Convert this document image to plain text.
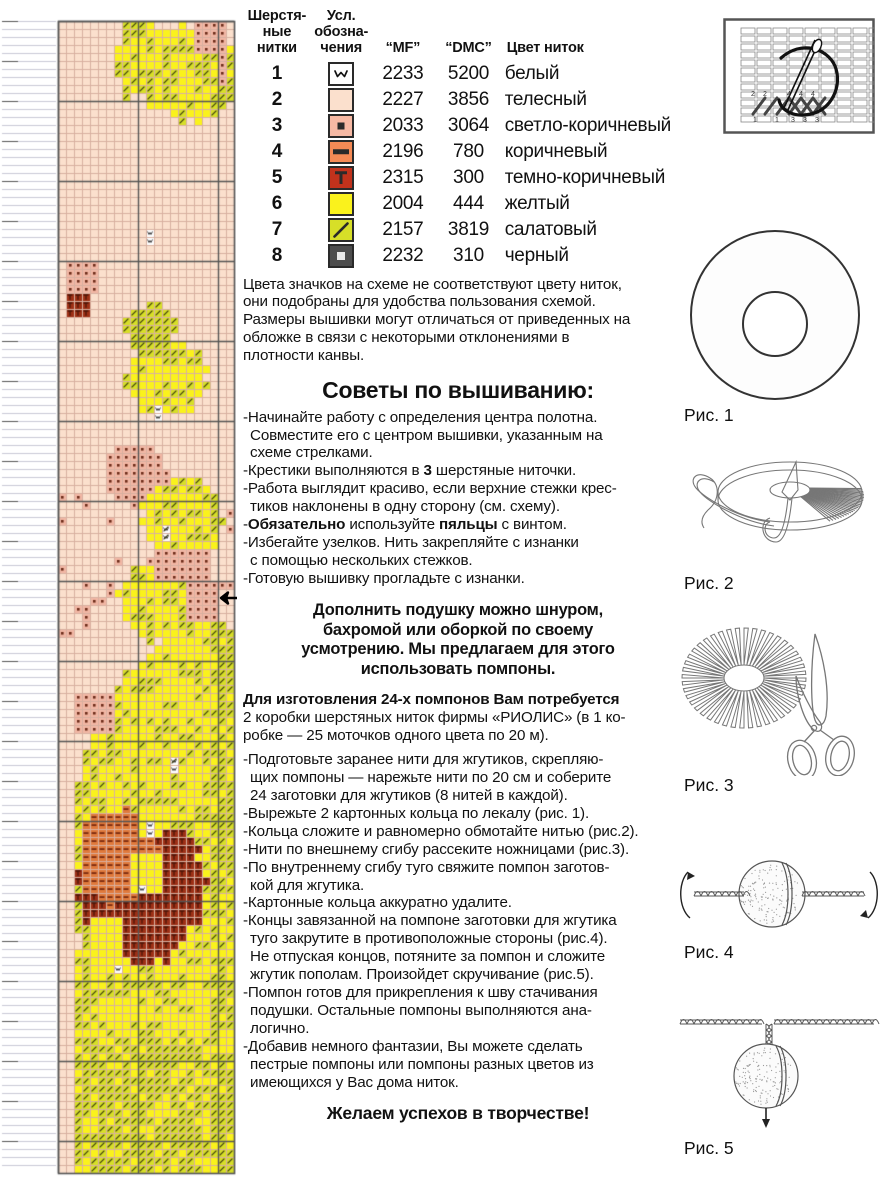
Шерстя-
ные
нитки	Усл.
обозна-
чения	“MF”	“DMC”	Цвет ниток
1		2233	5200	белый
2		2227	3856	телесный
3		2033	3064	светло-коричневый
4		2196	780	коричневый
5		2315	300	темно-коричневый
6		2004	444	желтый
7		2157	3819	салатовый
8		2232	310	черный
Цвета значков на схеме не соответствуют цвету ниток,
они подобраны для удобства пользования схемой.
Размеры вышивки могут отличаться от приведенных на
обложке в связи с некоторыми отклонениями в
плотности канвы.
Советы по вышиванию:
-Начинайте работу с определения центра полотна.
Совместите его с центром вышивки, указанным на
схеме стрелками.
-Крестики выполняются в 3 шерстяные ниточки.
-Работа выглядит красиво, если верхние стежки крес-
тиков наклонены в одну сторону (см. схему).
-Обязательно используйте пяльцы с винтом.
-Избегайте узелков. Нить закрепляйте с изнанки
с помощью нескольких стежков.
-Готовую вышивку прогладьте с изнанки.
Дополнить подушку можно шнуром,
бахромой или оборкой по своему
усмотрению. Мы предлагаем для этого
использовать помпоны.
Для изготовления 24-х помпонов Вам потребуется
2 коробки шерстяных ниток фирмы «РИОЛИС» (в 1 ко-
робке — 25 моточков одного цвета по 20 м).
-Подготовьте заранее нити для жгутиков, скрепляю-
щих помпоны — нарежьте нити по 20 см и соберите
24 заготовки для жгутиков (8 нитей в каждой).
-Вырежьте 2 картонных кольца по лекалу (рис. 1).
-Кольца сложите и равномерно обмотайте нитью (рис.2).
-Нити по внешнему сгибу рассеките ножницами (рис.3).
-По внутреннему сгибу туго свяжите помпон заготов-
кой для жгутика.
-Картонные кольца аккуратно удалите.
-Концы завязанной на помпоне заготовки для жгутика
туго закрутите в противоположные стороны (рис.4).
Не отпуская концов, потяните за помпон и сложите
жгутик пополам. Произойдет скручивание (рис.5).
-Помпон готов для прикрепления к шву стачивания
подушки. Остальные помпоны выполняются ана-
логично.
-Добавив немного фантазии, Вы можете сделать
пестрые помпоны или помпоны разных цветов из
имеющихся у Вас дома ниток.
Желаем успехов в творчестве!
2 2	4 4 4
1	1 3 3 3
Рис. 1
Рис. 2
Рис. 3
Рис. 4
Рис. 5
